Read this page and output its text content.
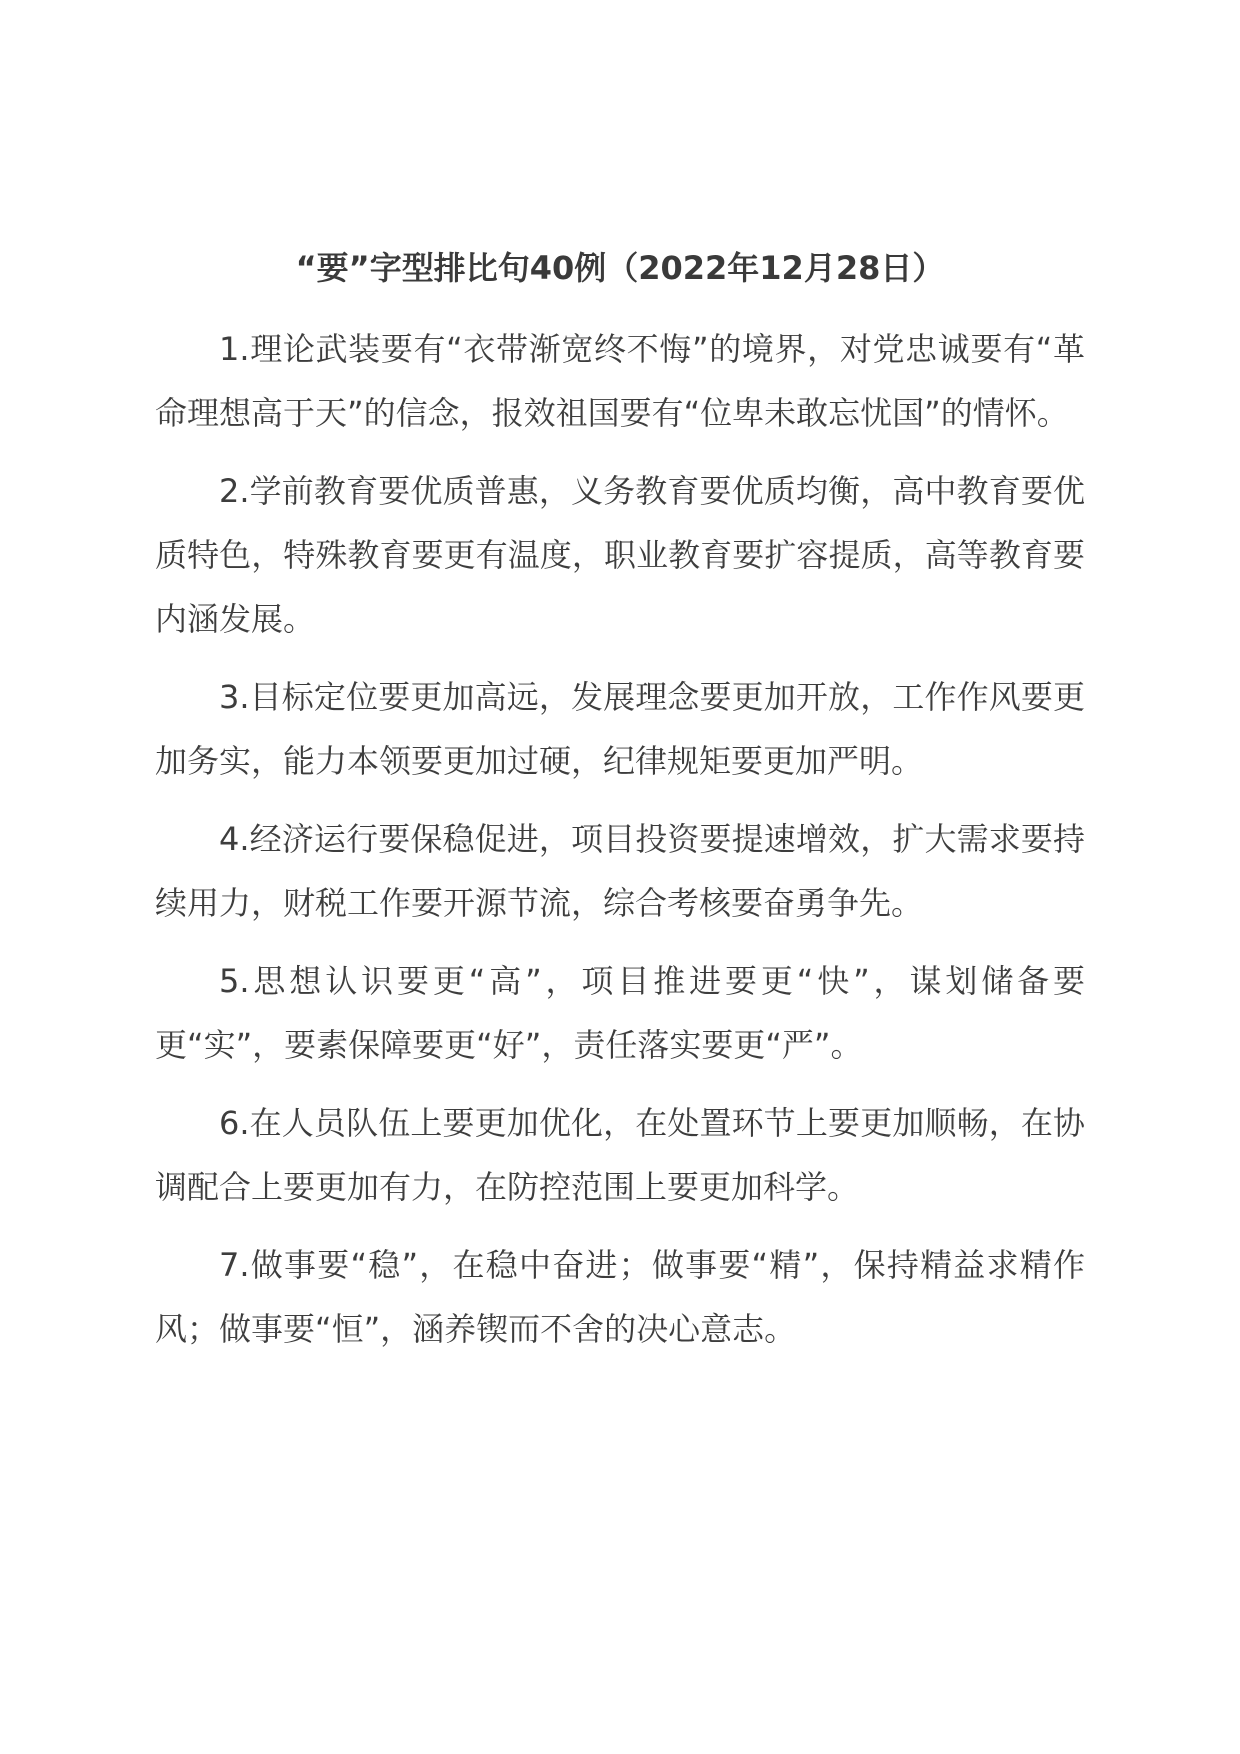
“要”字型排比句40例（2022年12月28日）

1.理论武装要有“衣带渐宽终不悔”的境界，对党忠诚要有“革命理想高于天”的信念，报效祖国要有“位卑未敢忘忧国”的情怀。

2.学前教育要优质普惠，义务教育要优质均衡，高中教育要优质特色，特殊教育要更有温度，职业教育要扩容提质，高等教育要内涵发展。

3.目标定位要更加高远，发展理念要更加开放，工作作风要更加务实，能力本领要更加过硬，纪律规矩要更加严明。

4.经济运行要保稳促进，项目投资要提速增效，扩大需求要持续用力，财税工作要开源节流，综合考核要奋勇争先。

5.思想认识要更“高”，项目推进要更“快”，谋划储备要更“实”，要素保障要更“好”，责任落实要更“严”。

6.在人员队伍上要更加优化，在处置环节上要更加顺畅，在协调配合上要更加有力，在防控范围上要更加科学。

7.做事要“稳”，在稳中奋进；做事要“精”，保持精益求精作风；做事要“恒”，涵养锲而不舍的决心意志。
